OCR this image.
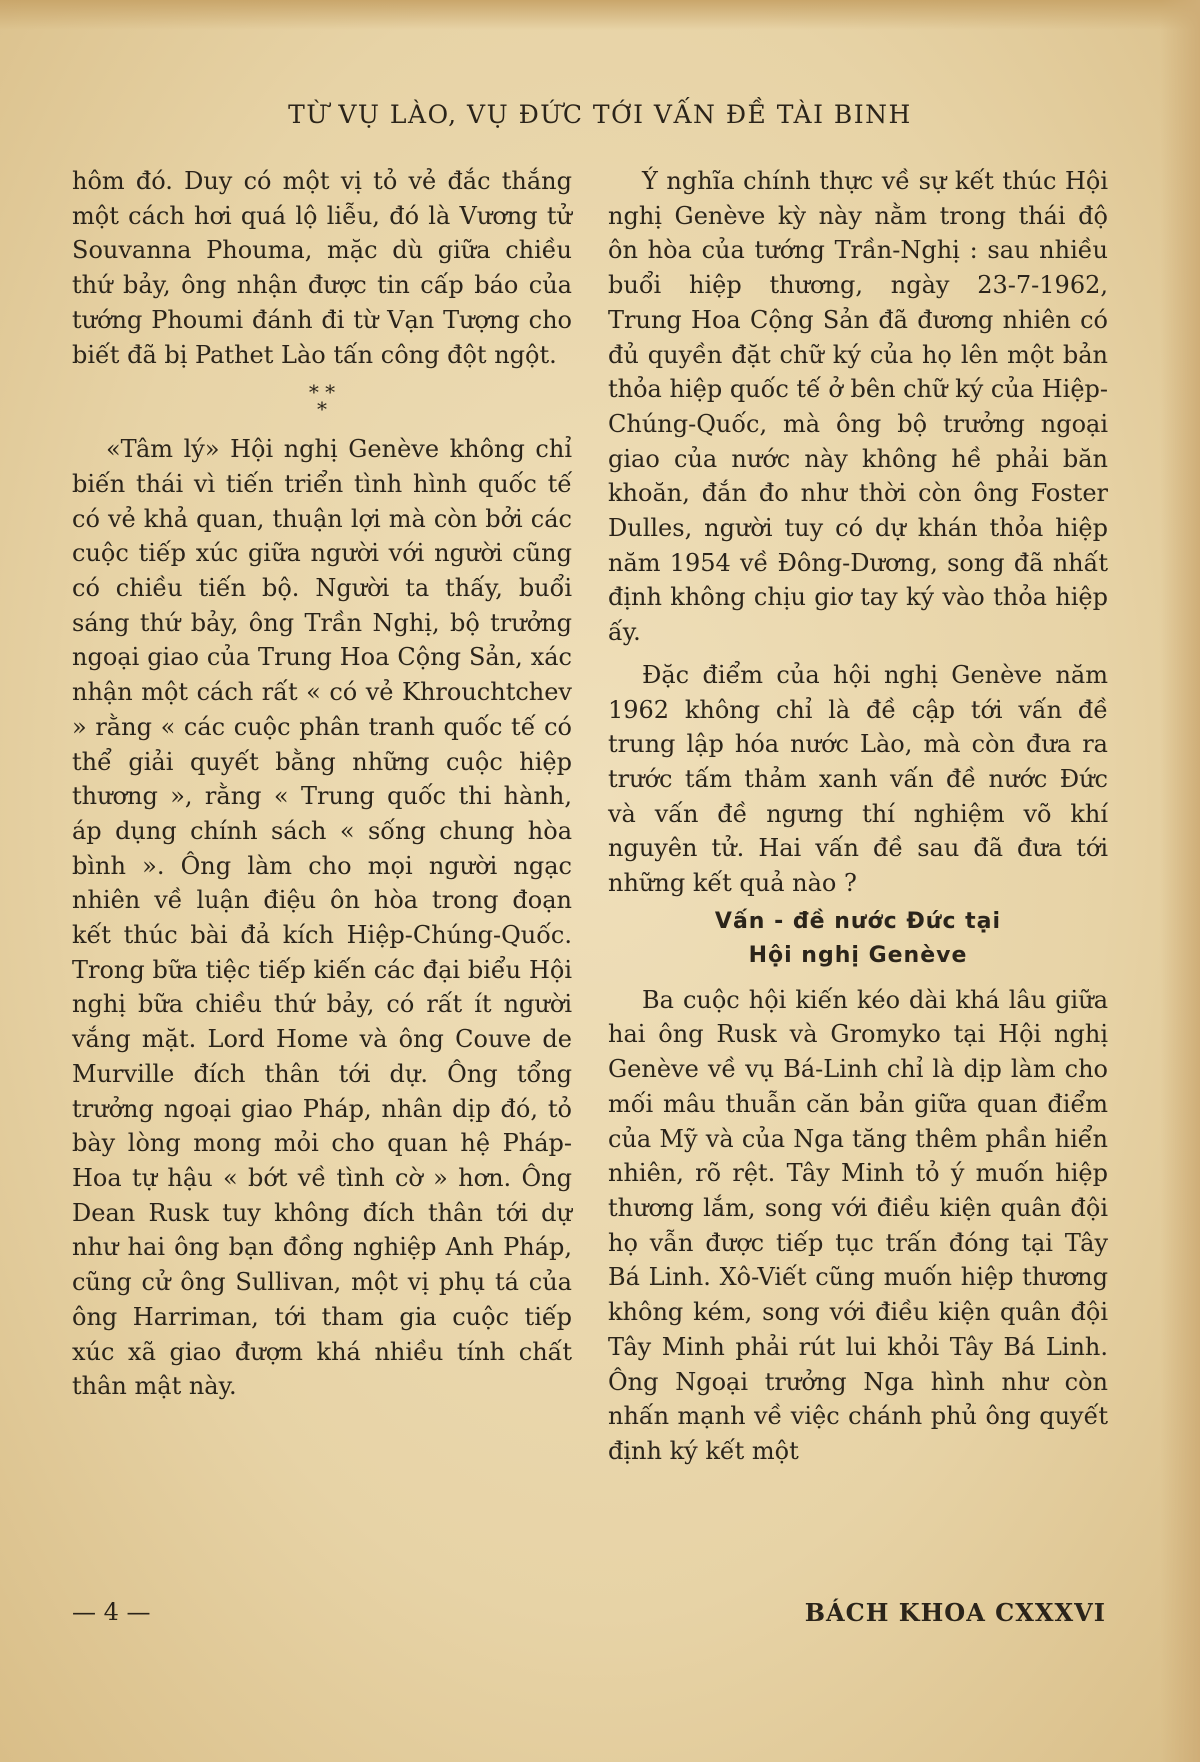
TỪ VỤ LÀO, VỤ ĐỨC TỚI VẤN ĐỀ TÀI BINH

hôm đó. Duy có một vị tỏ vẻ đắc thắng một cách hơi quá lộ liễu, đó là Vương tử Souvanna Phouma, mặc dù giữa chiều thứ bảy, ông nhận được tin cấp báo của tướng Phoumi đánh đi từ Vạn Tượng cho biết đã bị Pathet Lào tấn công đột ngột.

* *
*

«Tâm lý» Hội nghị Genève không chỉ biến thái vì tiến triển tình hình quốc tế có vẻ khả quan, thuận lợi mà còn bởi các cuộc tiếp xúc giữa người với người cũng có chiều tiến bộ. Người ta thấy, buổi sáng thứ bảy, ông Trần Nghị, bộ trưởng ngoại giao của Trung Hoa Cộng Sản, xác nhận một cách rất « có vẻ Khrouchtchev » rằng « các cuộc phân tranh quốc tế có thể giải quyết bằng những cuộc hiệp thương », rằng « Trung quốc thi hành, áp dụng chính sách « sống chung hòa bình ». Ông làm cho mọi người ngạc nhiên về luận điệu ôn hòa trong đoạn kết thúc bài đả kích Hiệp-Chúng-Quốc. Trong bữa tiệc tiếp kiến các đại biểu Hội nghị bữa chiều thứ bảy, có rất ít người vắng mặt. Lord Home và ông Couve de Murville đích thân tới dự. Ông tổng trưởng ngoại giao Pháp, nhân dịp đó, tỏ bày lòng mong mỏi cho quan hệ Pháp-Hoa tự hậu « bớt về tình cờ » hơn. Ông Dean Rusk tuy không đích thân tới dự như hai ông bạn đồng nghiệp Anh Pháp, cũng cử ông Sullivan, một vị phụ tá của ông Harriman, tới tham gia cuộc tiếp xúc xã giao đượm khá nhiều tính chất thân mật này.

Ý nghĩa chính thực về sự kết thúc Hội nghị Genève kỳ này nằm trong thái độ ôn hòa của tướng Trần-Nghị : sau nhiều buổi hiệp thương, ngày 23-7-1962, Trung Hoa Cộng Sản đã đương nhiên có đủ quyền đặt chữ ký của họ lên một bản thỏa hiệp quốc tế ở bên chữ ký của Hiệp-Chúng-Quốc, mà ông bộ trưởng ngoại giao của nước này không hề phải băn khoăn, đắn đo như thời còn ông Foster Dulles, người tuy có dự khán thỏa hiệp năm 1954 về Đông-Dương, song đã nhất định không chịu giơ tay ký vào thỏa hiệp ấy.

Đặc điểm của hội nghị Genève năm 1962 không chỉ là đề cập tới vấn đề trung lập hóa nước Lào, mà còn đưa ra trước tấm thảm xanh vấn đề nước Đức và vấn đề ngưng thí nghiệm võ khí nguyên tử. Hai vấn đề sau đã đưa tới những kết quả nào ?

Vấn - đề nước Đức tại
Hội nghị Genève

Ba cuộc hội kiến kéo dài khá lâu giữa hai ông Rusk và Gromyko tại Hội nghị Genève về vụ Bá-Linh chỉ là dịp làm cho mối mâu thuẫn căn bản giữa quan điểm của Mỹ và của Nga tăng thêm phần hiển nhiên, rõ rệt. Tây Minh tỏ ý muốn hiệp thương lắm, song với điều kiện quân đội họ vẫn được tiếp tục trấn đóng tại Tây Bá Linh. Xô-Viết cũng muốn hiệp thương không kém, song với điều kiện quân đội Tây Minh phải rút lui khỏi Tây Bá Linh. Ông Ngoại trưởng Nga hình như còn nhấn mạnh về việc chánh phủ ông quyết định ký kết một

— 4 —	BÁCH KHOA CXXXVI
